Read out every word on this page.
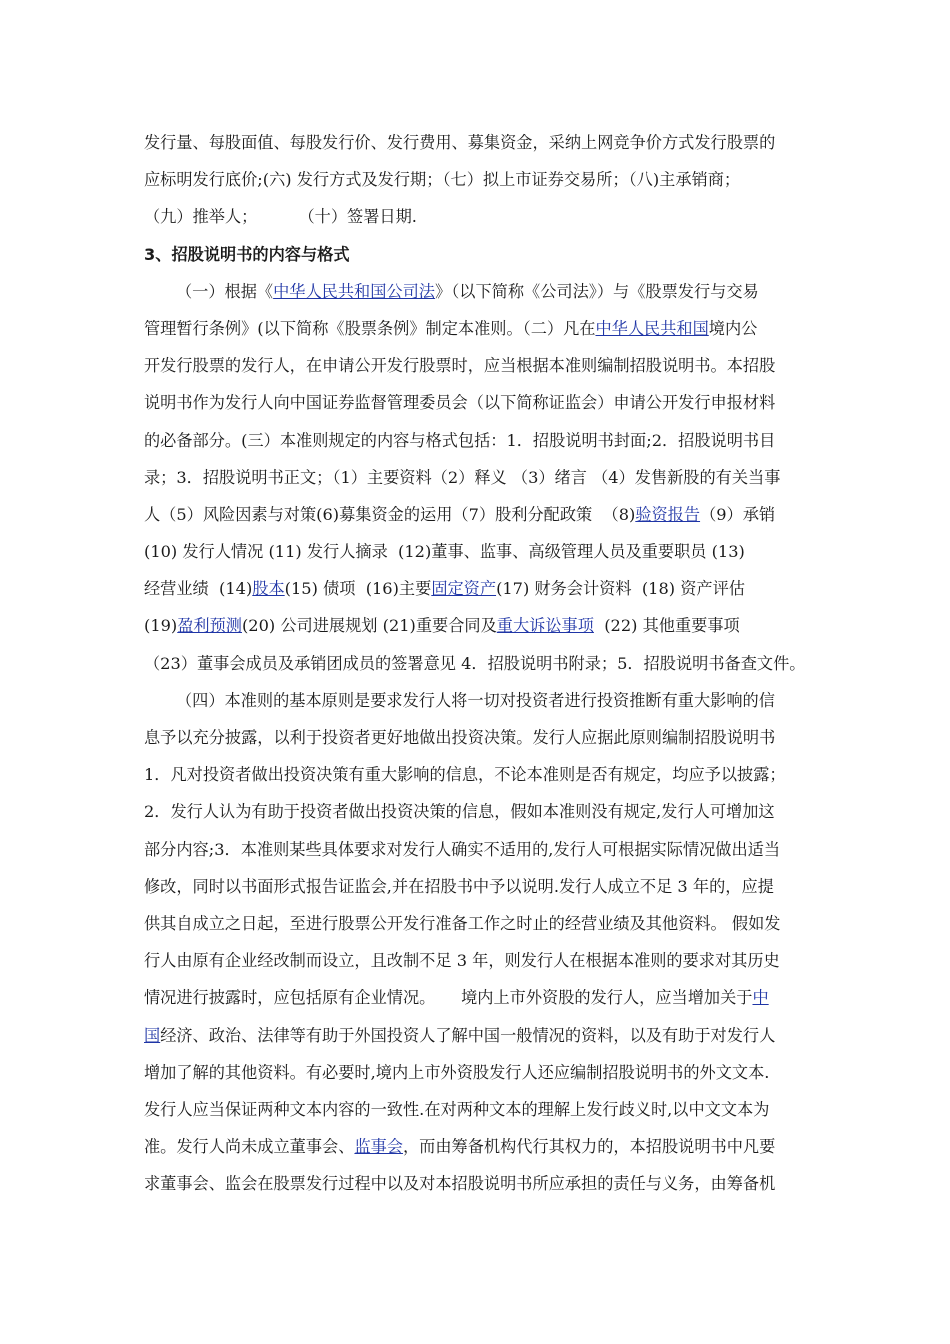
发行量、每股面值、每股发行价、发行费用、募集资金，采纳上网竞争价方式发行股票的
应标明发行底价;(六) 发行方式及发行期；（七）拟上市证券交易所；（八)主承销商；
（九）推举人；        （十）签署日期.
3、招股说明书的内容与格式
（一）根据《中华人民共和国公司法》（以下简称《公司法》）与《股票发行与交易
管理暂行条例》(以下简称《股票条例》制定本准则。（二）凡在中华人民共和国境内公
开发行股票的发行人，在申请公开发行股票时，应当根据本准则编制招股说明书。本招股
说明书作为发行人向中国证券监督管理委员会（以下简称证监会）申请公开发行申报材料
的必备部分。(三）本准则规定的内容与格式包括：1．招股说明书封面;2．招股说明书目
录；3．招股说明书正文；（1）主要资料（2）释义 （3）绪言 （4）发售新股的有关当事
人（5）风险因素与对策(6)募集资金的运用（7）股利分配政策  （8)验资报告（9）承销
(10) 发行人情况 (11) 发行人摘录  (12)董事、监事、高级管理人员及重要职员 (13)
经营业绩  (14)股本(15) 债项  (16)主要固定资产(17) 财务会计资料  (18) 资产评估
(19)盈利预测(20) 公司进展规划 (21)重要合同及重大诉讼事项  (22) 其他重要事项
（23）董事会成员及承销团成员的签署意见 4．招股说明书附录；5．招股说明书备查文件。
（四）本准则的基本原则是要求发行人将一切对投资者进行投资推断有重大影响的信
息予以充分披露，以利于投资者更好地做出投资决策。发行人应据此原则编制招股说明书
1．凡对投资者做出投资决策有重大影响的信息，不论本准则是否有规定，均应予以披露；
2．发行人认为有助于投资者做出投资决策的信息，假如本准则没有规定,发行人可增加这
部分内容;3．本准则某些具体要求对发行人确实不适用的,发行人可根据实际情况做出适当
修改，同时以书面形式报告证监会,并在招股书中予以说明.发行人成立不足 3 年的，应提
供其自成立之日起，至进行股票公开发行准备工作之时止的经营业绩及其他资料。 假如发
行人由原有企业经改制而设立，且改制不足 3 年，则发行人在根据本准则的要求对其历史
情况进行披露时，应包括原有企业情况。     境内上市外资股的发行人，应当增加关于中
国经济、政治、法律等有助于外国投资人了解中国一般情况的资料，以及有助于对发行人
增加了解的其他资料。有必要时,境内上市外资股发行人还应编制招股说明书的外文文本.
发行人应当保证两种文本内容的一致性.在对两种文本的理解上发行歧义时,以中文文本为
准。发行人尚未成立董事会、监事会，而由筹备机构代行其权力的，本招股说明书中凡要
求董事会、监会在股票发行过程中以及对本招股说明书所应承担的责任与义务，由筹备机
